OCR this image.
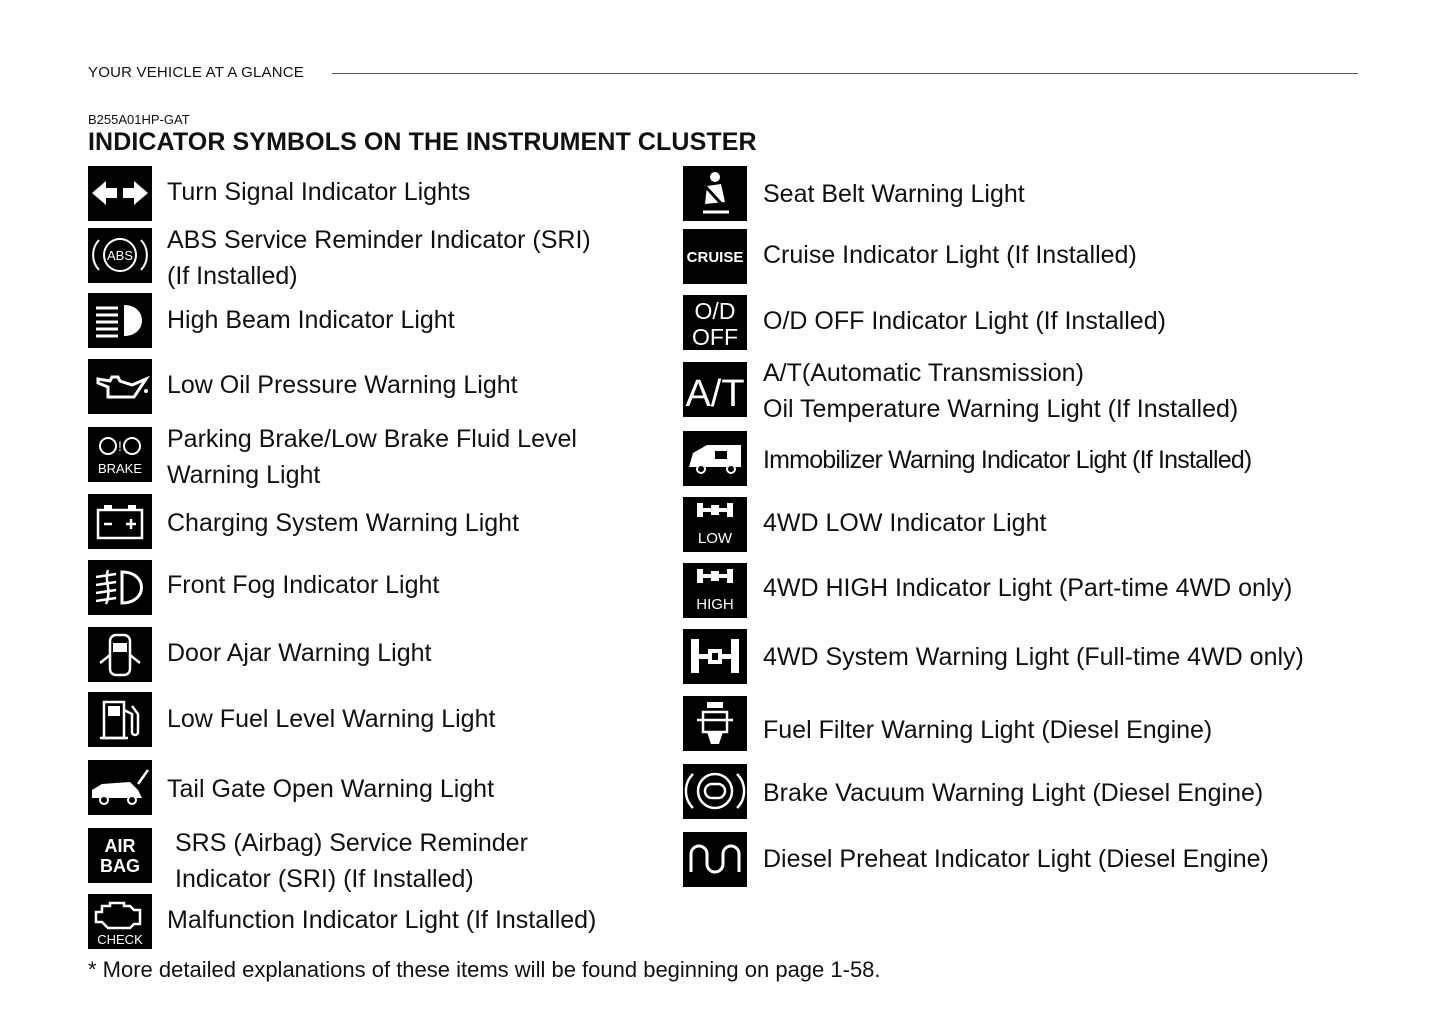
YOUR VEHICLE AT A GLANCE
B255A01HP-GAT
INDICATOR SYMBOLS ON THE INSTRUMENT CLUSTER
Turn Signal Indicator Lights
ABS
ABS Service Reminder Indicator (SRI)
(If Installed)
High Beam Indicator Light
Low Oil Pressure Warning Light
!
BRAKE
Parking Brake/Low Brake Fluid Level
Warning Light
Charging System Warning Light
Front Fog Indicator Light
Door Ajar Warning Light
Low Fuel Level Warning Light
Tail Gate Open Warning Light
AIR
BAG
SRS (Airbag) Service Reminder
Indicator (SRI) (If Installed)
CHECK
Malfunction Indicator Light (If Installed)
Seat Belt Warning Light
CRUISE Cruise Indicator Light (If Installed)
O/D
OFF
O/D OFF Indicator Light (If Installed)
A/T A/T(Automatic Transmission)
Oil Temperature Warning Light (If Installed)
Immobilizer Warning Indicator Light (If Installed)
LOW
4WD LOW Indicator Light
HIGH
4WD HIGH Indicator Light (Part-time 4WD only)
4WD System Warning Light (Full-time 4WD only)
Fuel Filter Warning Light (Diesel Engine)
Brake Vacuum Warning Light (Diesel Engine)
Diesel Preheat Indicator Light (Diesel Engine)
* More detailed explanations of these items will be found beginning on page 1-58.
